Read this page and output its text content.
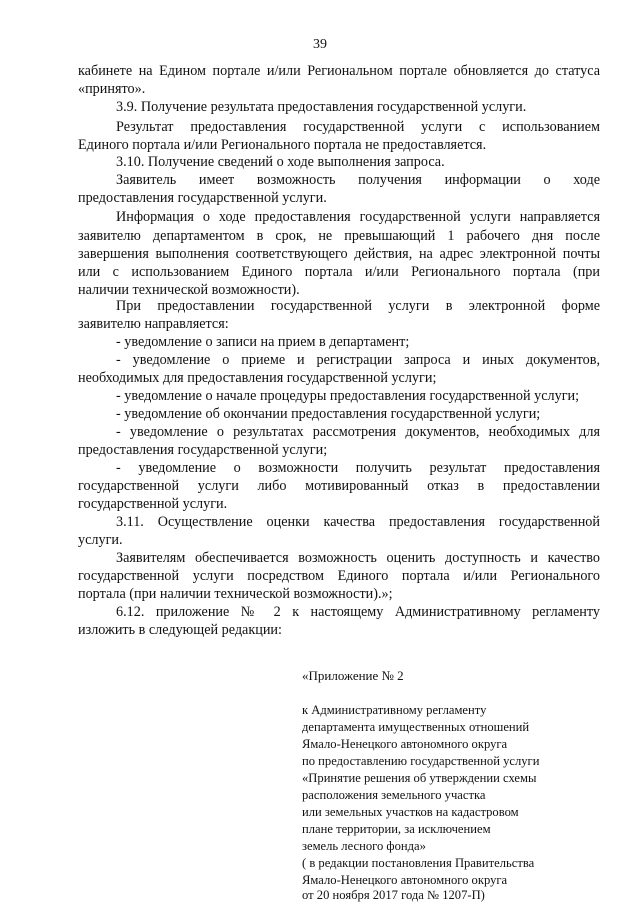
39

кабинете на Едином портале и/или Региональном портале обновляется до статуса

«принято».

3.9. Получение результата предоставления государственной услуги.

Результат предоставления государственной услуги с использованием

Единого портала и/или Регионального портала не предоставляется.

3.10. Получение сведений о ходе выполнения запроса.

Заявитель имеет возможность получения информации о ходе

предоставления государственной услуги.

Информация о ходе предоставления государственной услуги направляется

заявителю департаментом в срок, не превышающий 1 рабочего дня после

завершения выполнения соответствующего действия, на адрес электронной почты

или с использованием Единого портала и/или Регионального портала (при

наличии технической возможности).

При предоставлении государственной услуги в электронной форме

заявителю направляется:

- уведомление о записи на прием в департамент;

- уведомление о приеме и регистрации запроса и иных документов,

необходимых для предоставления государственной услуги;

- уведомление о начале процедуры предоставления государственной услуги;

- уведомление об окончании предоставления государственной услуги;

- уведомление о результатах рассмотрения документов, необходимых для

предоставления государственной услуги;

- уведомление о возможности получить результат предоставления

государственной услуги либо мотивированный отказ в предоставлении

государственной услуги.

3.11. Осуществление оценки качества предоставления государственной

услуги.

Заявителям обеспечивается возможность оценить доступность и качество

государственной услуги посредством Единого портала и/или Регионального

портала (при наличии технической возможности).»;

6.12. приложение № 2 к настоящему Административному регламенту

изложить в следующей редакции:

«Приложение № 2

к Административному регламенту

департамента имущественных отношений

Ямало-Ненецкого автономного округа

по предоставлению государственной услуги

«Принятие решения об утверждении схемы

расположения земельного участка

или земельных участков на кадастровом

плане территории, за исключением

земель лесного фонда»

( в редакции постановления Правительства

Ямало-Ненецкого автономного округа

от 20 ноября 2017 года № 1207-П)
